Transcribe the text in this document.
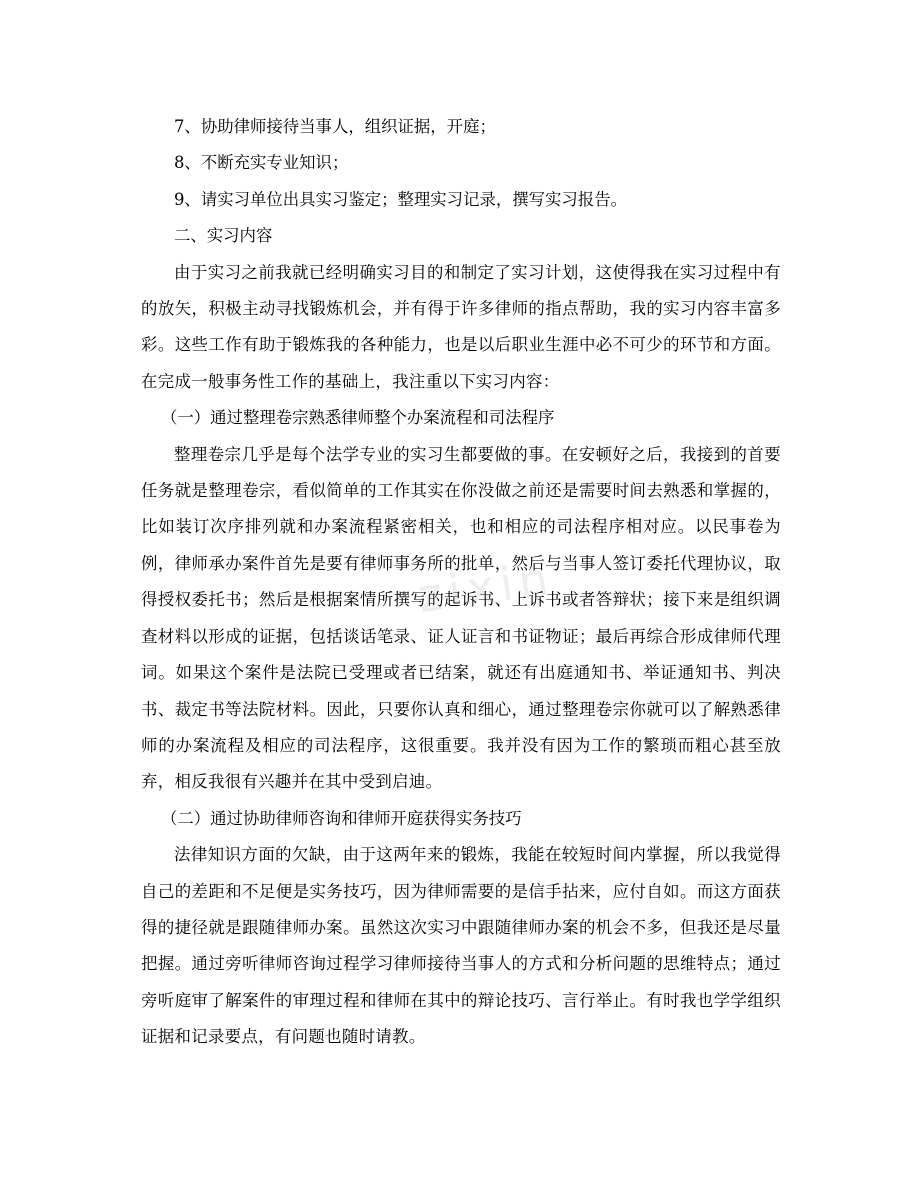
7、协助律师接待当事人，组织证据，开庭；
8、不断充实专业知识；
9、请实习单位出具实习鉴定；整理实习记录，撰写实习报告。
二、实习内容

由于实习之前我就已经明确实习目的和制定了实习计划，这使得我在实习过程中有的放矢，积极主动寻找锻炼机会，并有得于许多律师的指点帮助，我的实习内容丰富多彩。这些工作有助于锻炼我的各种能力，也是以后职业生涯中必不可少的环节和方面。在完成一般事务性工作的基础上，我注重以下实习内容：

（一）通过整理卷宗熟悉律师整个办案流程和司法程序

整理卷宗几乎是每个法学专业的实习生都要做的事。在安顿好之后，我接到的首要任务就是整理卷宗，看似简单的工作其实在你没做之前还是需要时间去熟悉和掌握的，比如装订次序排列就和办案流程紧密相关，也和相应的司法程序相对应。以民事卷为例，律师承办案件首先是要有律师事务所的批单，然后与当事人签订委托代理协议，取得授权委托书；然后是根据案情所撰写的起诉书、上诉书或者答辩状；接下来是组织调查材料以形成的证据，包括谈话笔录、证人证言和书证物证；最后再综合形成律师代理词。如果这个案件是法院已受理或者已结案，就还有出庭通知书、举证通知书、判决书、裁定书等法院材料。因此，只要你认真和细心，通过整理卷宗你就可以了解熟悉律师的办案流程及相应的司法程序，这很重要。我并没有因为工作的繁琐而粗心甚至放弃，相反我很有兴趣并在其中受到启迪。

（二）通过协助律师咨询和律师开庭获得实务技巧

法律知识方面的欠缺，由于这两年来的锻炼，我能在较短时间内掌握，所以我觉得自己的差距和不足便是实务技巧，因为律师需要的是信手拈来，应付自如。而这方面获得的捷径就是跟随律师办案。虽然这次实习中跟随律师办案的机会不多，但我还是尽量把握。通过旁听律师咨询过程学习律师接待当事人的方式和分析问题的思维特点；通过旁听庭审了解案件的审理过程和律师在其中的辩论技巧、言行举止。有时我也学学组织证据和记录要点，有问题也随时请教。

zixin
